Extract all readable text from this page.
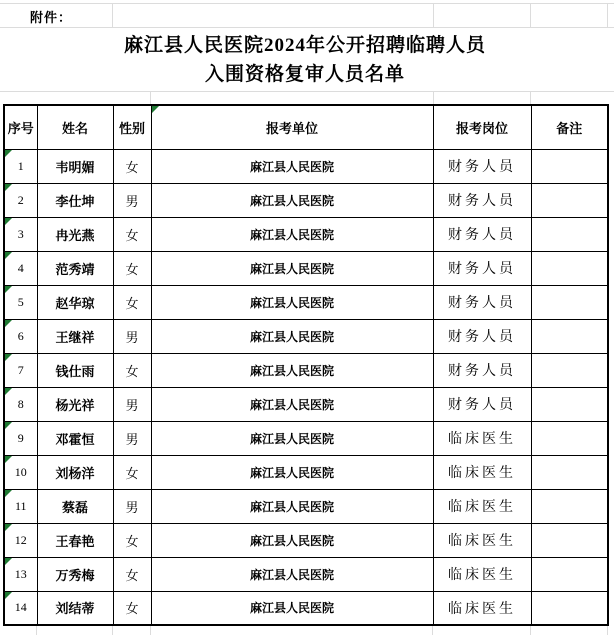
附件：
麻江县人民医院2024年公开招聘临聘人员
入围资格复审人员名单
序号	姓名	性别	报考单位	报考岗位	备注

1	韦明媚	女	麻江县人民医院	财务人员	

2	李仕坤	男	麻江县人民医院	财务人员	

3	冉光燕	女	麻江县人民医院	财务人员	

4	范秀靖	女	麻江县人民医院	财务人员	

5	赵华琼	女	麻江县人民医院	财务人员	

6	王继祥	男	麻江县人民医院	财务人员	

7	钱仕雨	女	麻江县人民医院	财务人员	

8	杨光祥	男	麻江县人民医院	财务人员	

9	邓霍恒	男	麻江县人民医院	临床医生	

10	刘杨洋	女	麻江县人民医院	临床医生	

11	蔡磊	男	麻江县人民医院	临床医生	

12	王春艳	女	麻江县人民医院	临床医生	

13	万秀梅	女	麻江县人民医院	临床医生	

14	刘结蒂	女	麻江县人民医院	临床医生	
